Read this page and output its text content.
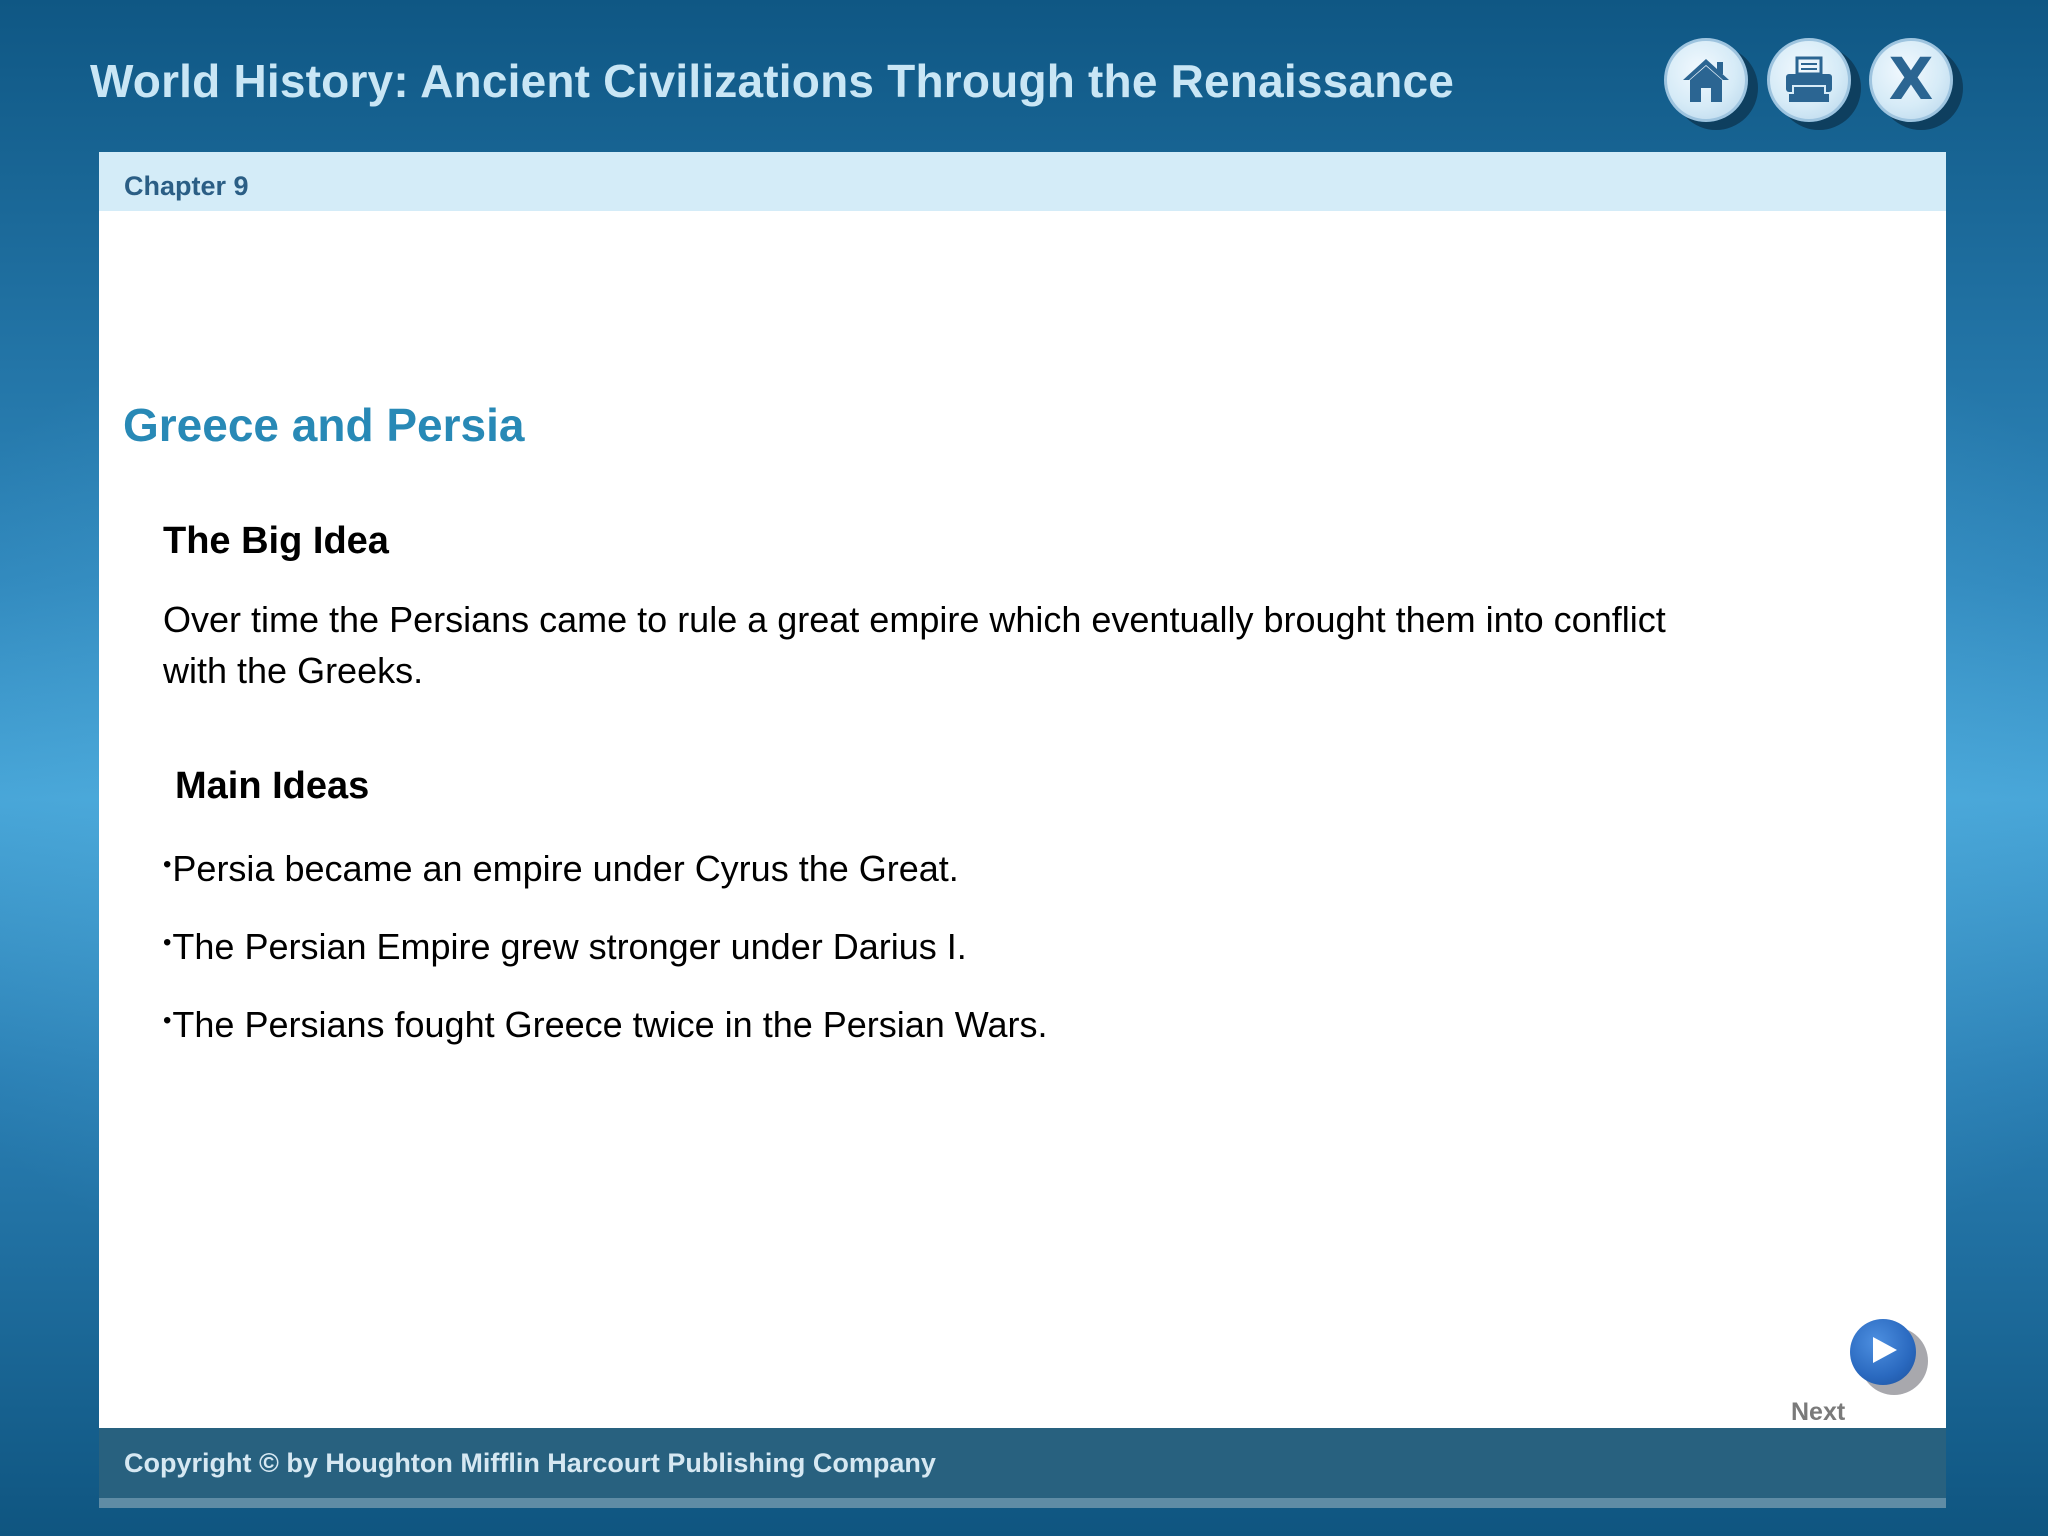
World History: Ancient Civilizations Through the Renaissance	X
Chapter 9
Greece and Persia
The Big Idea
Over time the Persians came to rule a great empire which eventually brought them into conflict with the Greeks.
Main Ideas
•Persia became an empire under Cyrus the Great.
•The Persian Empire grew stronger under Darius I.
•The Persians fought Greece twice in the Persian Wars.
Next
Copyright © by Houghton Mifflin Harcourt Publishing Company
